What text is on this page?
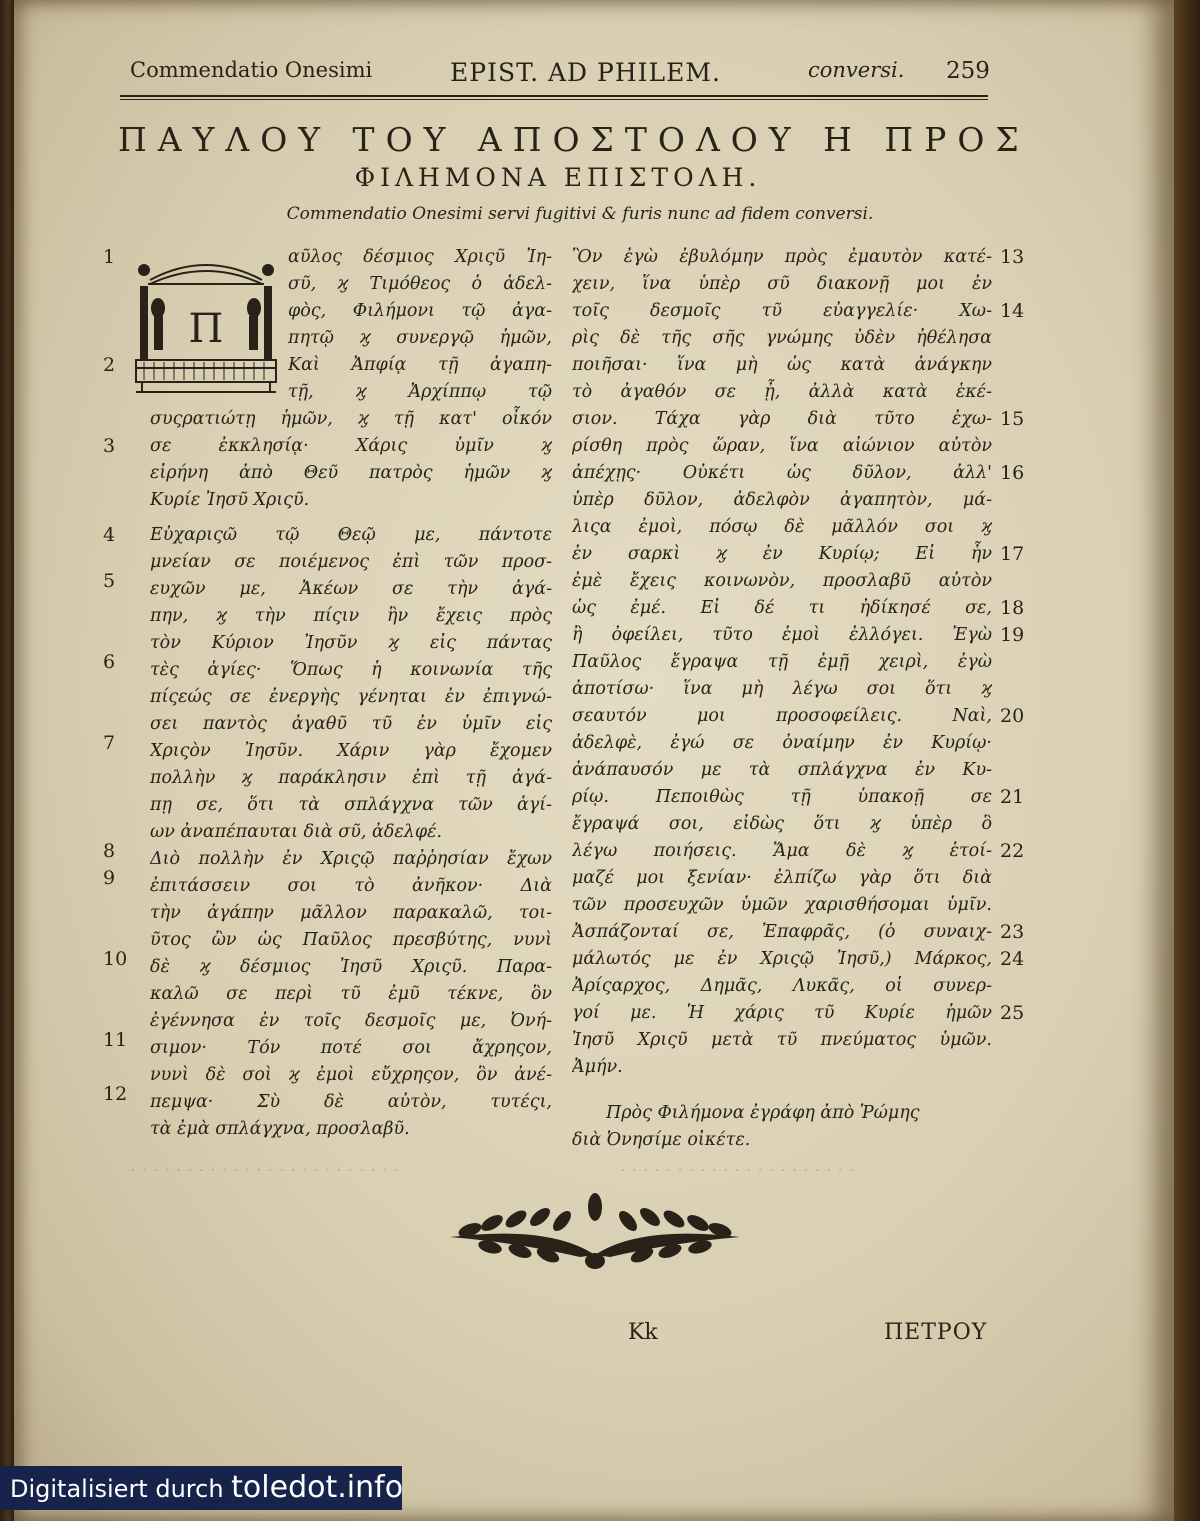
· · · · · · · · · · · · · · · · · · · · · · · ·	· · · · · · · · · · · · · · · · · · · · ·
Commendatio Onesimi	EPIST. AD PHILEM.	conversi. 259
ΠΑΥΛΟΥ ΤΟΥ ΑΠΟΣΤΟΛΟΥ Η ΠΡΟΣ
ΦΙΛΗΜΟΝΑ ΕΠΙΣΤΟΛΗ.
Commendatio Onesimi servi fugitivi & furis nunc ad fidem conversi.
Π
αῦλος δέσμιος Χριςῦ Ἰη-
σῦ, ϗ Τιμόθεος ὁ ἀδελ-
φὸς, Φιλήμονι τῷ ἀγα-
πητῷ ϗ συνεργῷ ἡμῶν,
Καὶ Ἀπφίᾳ τῇ ἀγαπη-
τῇ, ϗ Ἀρχίππῳ τῷ
συςρατιώτῃ ἡμῶν, ϗ τῇ κατ' οἶκόν
σε ἐκκλησίᾳ· Χάρις ὑμῖν ϗ
εἰρήνη ἀπὸ Θεῦ πατρὸς ἡμῶν ϗ
Κυρίε Ἰησῦ Χριςῦ.
Εὐχαριςῶ τῷ Θεῷ με, πάντοτε
μνείαν σε ποιέμενος ἐπὶ τῶν προσ-
ευχῶν με, Ἀκέων σε τὴν ἀγά-
πην, ϗ τὴν πίςιν ἣν ἔχεις πρὸς
τὸν Κύριον Ἰησῦν ϗ εἰς πάντας
τὲς ἁγίες· Ὅπως ἡ κοινωνία τῆς
πίςεώς σε ἐνεργὴς γένηται ἐν ἐπιγνώ-
σει παντὸς ἀγαθῦ τῦ ἐν ὑμῖν εἰς
Χριςὸν Ἰησῦν. Χάριν γὰρ ἔχομεν
πολλὴν ϗ παράκλησιν ἐπὶ τῇ ἀγά-
πῃ σε, ὅτι τὰ σπλάγχνα τῶν ἁγί-
ων ἀναπέπαυται διὰ σῦ, ἀδελφέ.
Διὸ πολλὴν ἐν Χριςῷ παῤῥησίαν ἔχων
ἐπιτάσσειν σοι τὸ ἀνῆκον· Διὰ
τὴν ἀγάπην μᾶλλον παρακαλῶ, τοι-
ῦτος ὢν ὡς Παῦλος πρεσβύτης, νυνὶ
δὲ ϗ δέσμιος Ἰησῦ Χριςῦ. Παρα-
καλῶ σε περὶ τῦ ἐμῦ τέκνε, ὃν
ἐγέννησα ἐν τοῖς δεσμοῖς με, Ὀνή-
σιμον· Τόν ποτέ σοι ἄχρηςον,
νυνὶ δὲ σοὶ ϗ ἐμοὶ εὔχρηςον, ὃν ἀνέ-
πεμψα· Σὺ δὲ αὐτὸν, τυτέςι,
τὰ ἐμὰ σπλάγχνα, προσλαβῦ.
Ὃν ἐγὼ ἐβυλόμην πρὸς ἐμαυτὸν κατέ-
χειν, ἵνα ὑπὲρ σῦ διακονῇ μοι ἐν
τοῖς δεσμοῖς τῦ εὐαγγελίε· Χω-
ρὶς δὲ τῆς σῆς γνώμης ὐδὲν ἠθέλησα
ποιῆσαι· ἵνα μὴ ὡς κατὰ ἀνάγκην
τὸ ἀγαθόν σε ᾖ, ἀλλὰ κατὰ ἑκέ-
σιον. Τάχα γὰρ διὰ τῦτο ἐχω-
ρίσθη πρὸς ὥραν, ἵνα αἰώνιον αὐτὸν
ἀπέχῃς· Οὐκέτι ὡς δῦλον, ἀλλ'
ὑπὲρ δῦλον, ἀδελφὸν ἀγαπητὸν, μά-
λιςα ἐμοὶ, πόσῳ δὲ μᾶλλόν σοι ϗ
ἐν σαρκὶ ϗ ἐν Κυρίῳ; Εἰ ἦν
ἐμὲ ἔχεις κοινωνὸν, προσλαβῦ αὐτὸν
ὡς ἐμέ. Εἰ δέ τι ἠδίκησέ σε,
ἢ ὀφείλει, τῦτο ἐμοὶ ἐλλόγει. Ἐγὼ
Παῦλος ἔγραψα τῇ ἐμῇ χειρὶ, ἐγὼ
ἀποτίσω· ἵνα μὴ λέγω σοι ὅτι ϗ
σεαυτόν μοι προσοφείλεις. Ναὶ,
ἀδελφὲ, ἐγώ σε ὀναίμην ἐν Κυρίῳ·
ἀνάπαυσόν με τὰ σπλάγχνα ἐν Κυ-
ρίῳ. Πεποιθὼς τῇ ὑπακοῇ σε
ἔγραψά σοι, εἰδὼς ὅτι ϗ ὑπὲρ ὃ
λέγω ποιήσεις. Ἅμα δὲ ϗ ἑτοί-
μαζέ μοι ξενίαν· ἐλπίζω γὰρ ὅτι διὰ
τῶν προσευχῶν ὑμῶν χαρισθήσομαι ὑμῖν.
Ἀσπάζονταί σε, Ἐπαφρᾶς, (ὁ συναιχ-
μάλωτός με ἐν Χριςῷ Ἰησῦ,) Μάρκος,
Ἀρίςαρχος, Δημᾶς, Λυκᾶς, οἱ συνερ-
γοί με. Ἡ χάρις τῦ Κυρίε ἡμῶν
Ἰησῦ Χριςῦ μετὰ τῦ πνεύματος ὑμῶν.
Ἀμήν.
1
2
3
4
5
6
7
8
9
10
11
12
13
14
15
16
17
18
19
20
21
22
23
24
25
Πρὸς Φιλήμονα ἐγράφη ἀπὸ Ῥώμης
διὰ Ὀνησίμε οἰκέτε.
Kk	ΠΕΤΡΟΥ
Digitalisiert durch toledot.info
